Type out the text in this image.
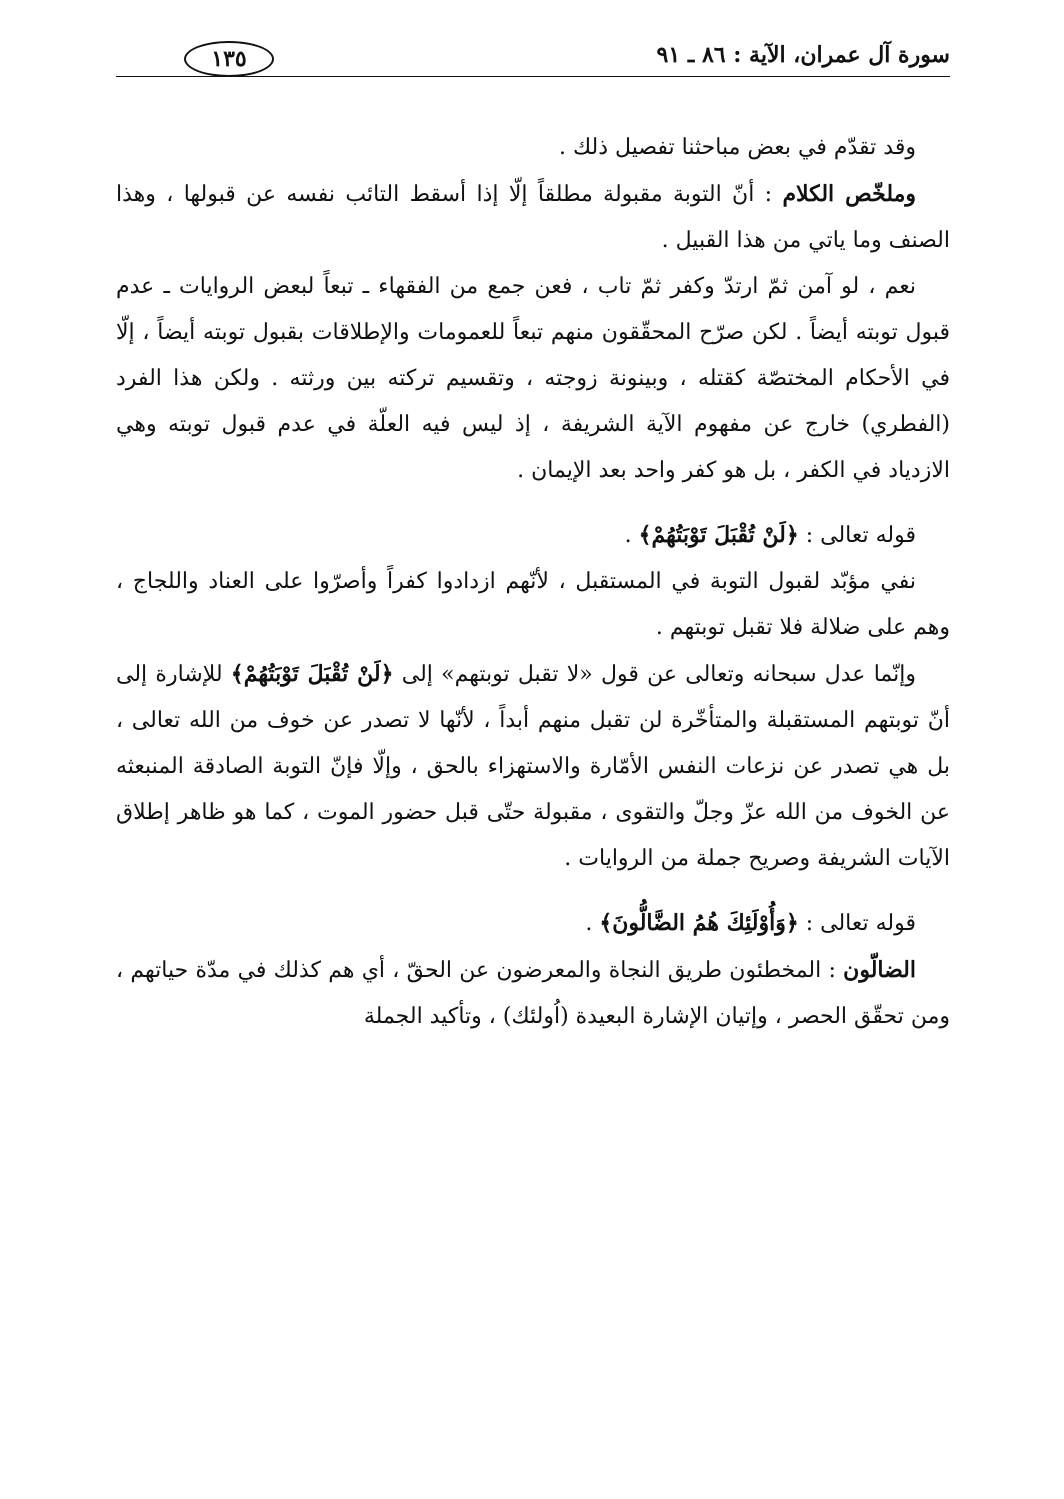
سورة آل عمران، الآية : ٨٦ ـ ٩١
١٣٥

وقد تقدّم في بعض مباحثنا تفصيل ذلك .

وملخّص الكلام : أنّ التوبة مقبولة مطلقاً إلّا إذا أسقط التائب نفسه عن قبولها ، وهذا الصنف وما ياتي من هذا القبيل .

نعم ، لو آمن ثمّ ارتدّ وكفر ثمّ تاب ، فعن جمع من الفقهاء ـ تبعاً لبعض الروايات ـ عدم قبول توبته أيضاً . لكن صرّح المحقّقون منهم تبعاً للعمومات والإطلاقات بقبول توبته أيضاً ، إلّا في الأحكام المختصّة كقتله ، وبينونة زوجته ، وتقسيم تركته بين ورثته . ولكن هذا الفرد (الفطري) خارج عن مفهوم الآية الشريفة ، إذ ليس فيه العلّة في عدم قبول توبته وهي الازدياد في الكفر ، بل هو كفر واحد بعد الإيمان .

قوله تعالى : ﴿لَنْ تُقْبَلَ تَوْبَتُهُمْ﴾ .

نفي مؤبّد لقبول التوبة في المستقبل ، لأنّهم ازدادوا كفراً وأصرّوا على العناد واللجاج ، وهم على ضلالة فلا تقبل توبتهم .

وإنّما عدل سبحانه وتعالى عن قول «لا تقبل توبتهم» إلى ﴿لَنْ تُقْبَلَ تَوْبَتُهُمْ﴾ للإشارة إلى أنّ توبتهم المستقبلة والمتأخّرة لن تقبل منهم أبداً ، لأنّها لا تصدر عن خوف من الله تعالى ، بل هي تصدر عن نزعات النفس الأمّارة والاستهزاء بالحق ، وإلّا فإنّ التوبة الصادقة المنبعثه عن الخوف من الله عزّ وجلّ والتقوى ، مقبولة حتّى قبل حضور الموت ، كما هو ظاهر إطلاق الآيات الشريفة وصريح جملة من الروايات .

قوله تعالى : ﴿وَأُوْلَئِكَ هُمُ الضَّالُّونَ﴾ .

الضالّون : المخطئون طريق النجاة والمعرضون عن الحقّ ، أي هم كذلك في مدّة حياتهم ، ومن تحقّق الحصر ، وإتيان الإشارة البعيدة (اُولئك) ، وتأكيد الجملة
